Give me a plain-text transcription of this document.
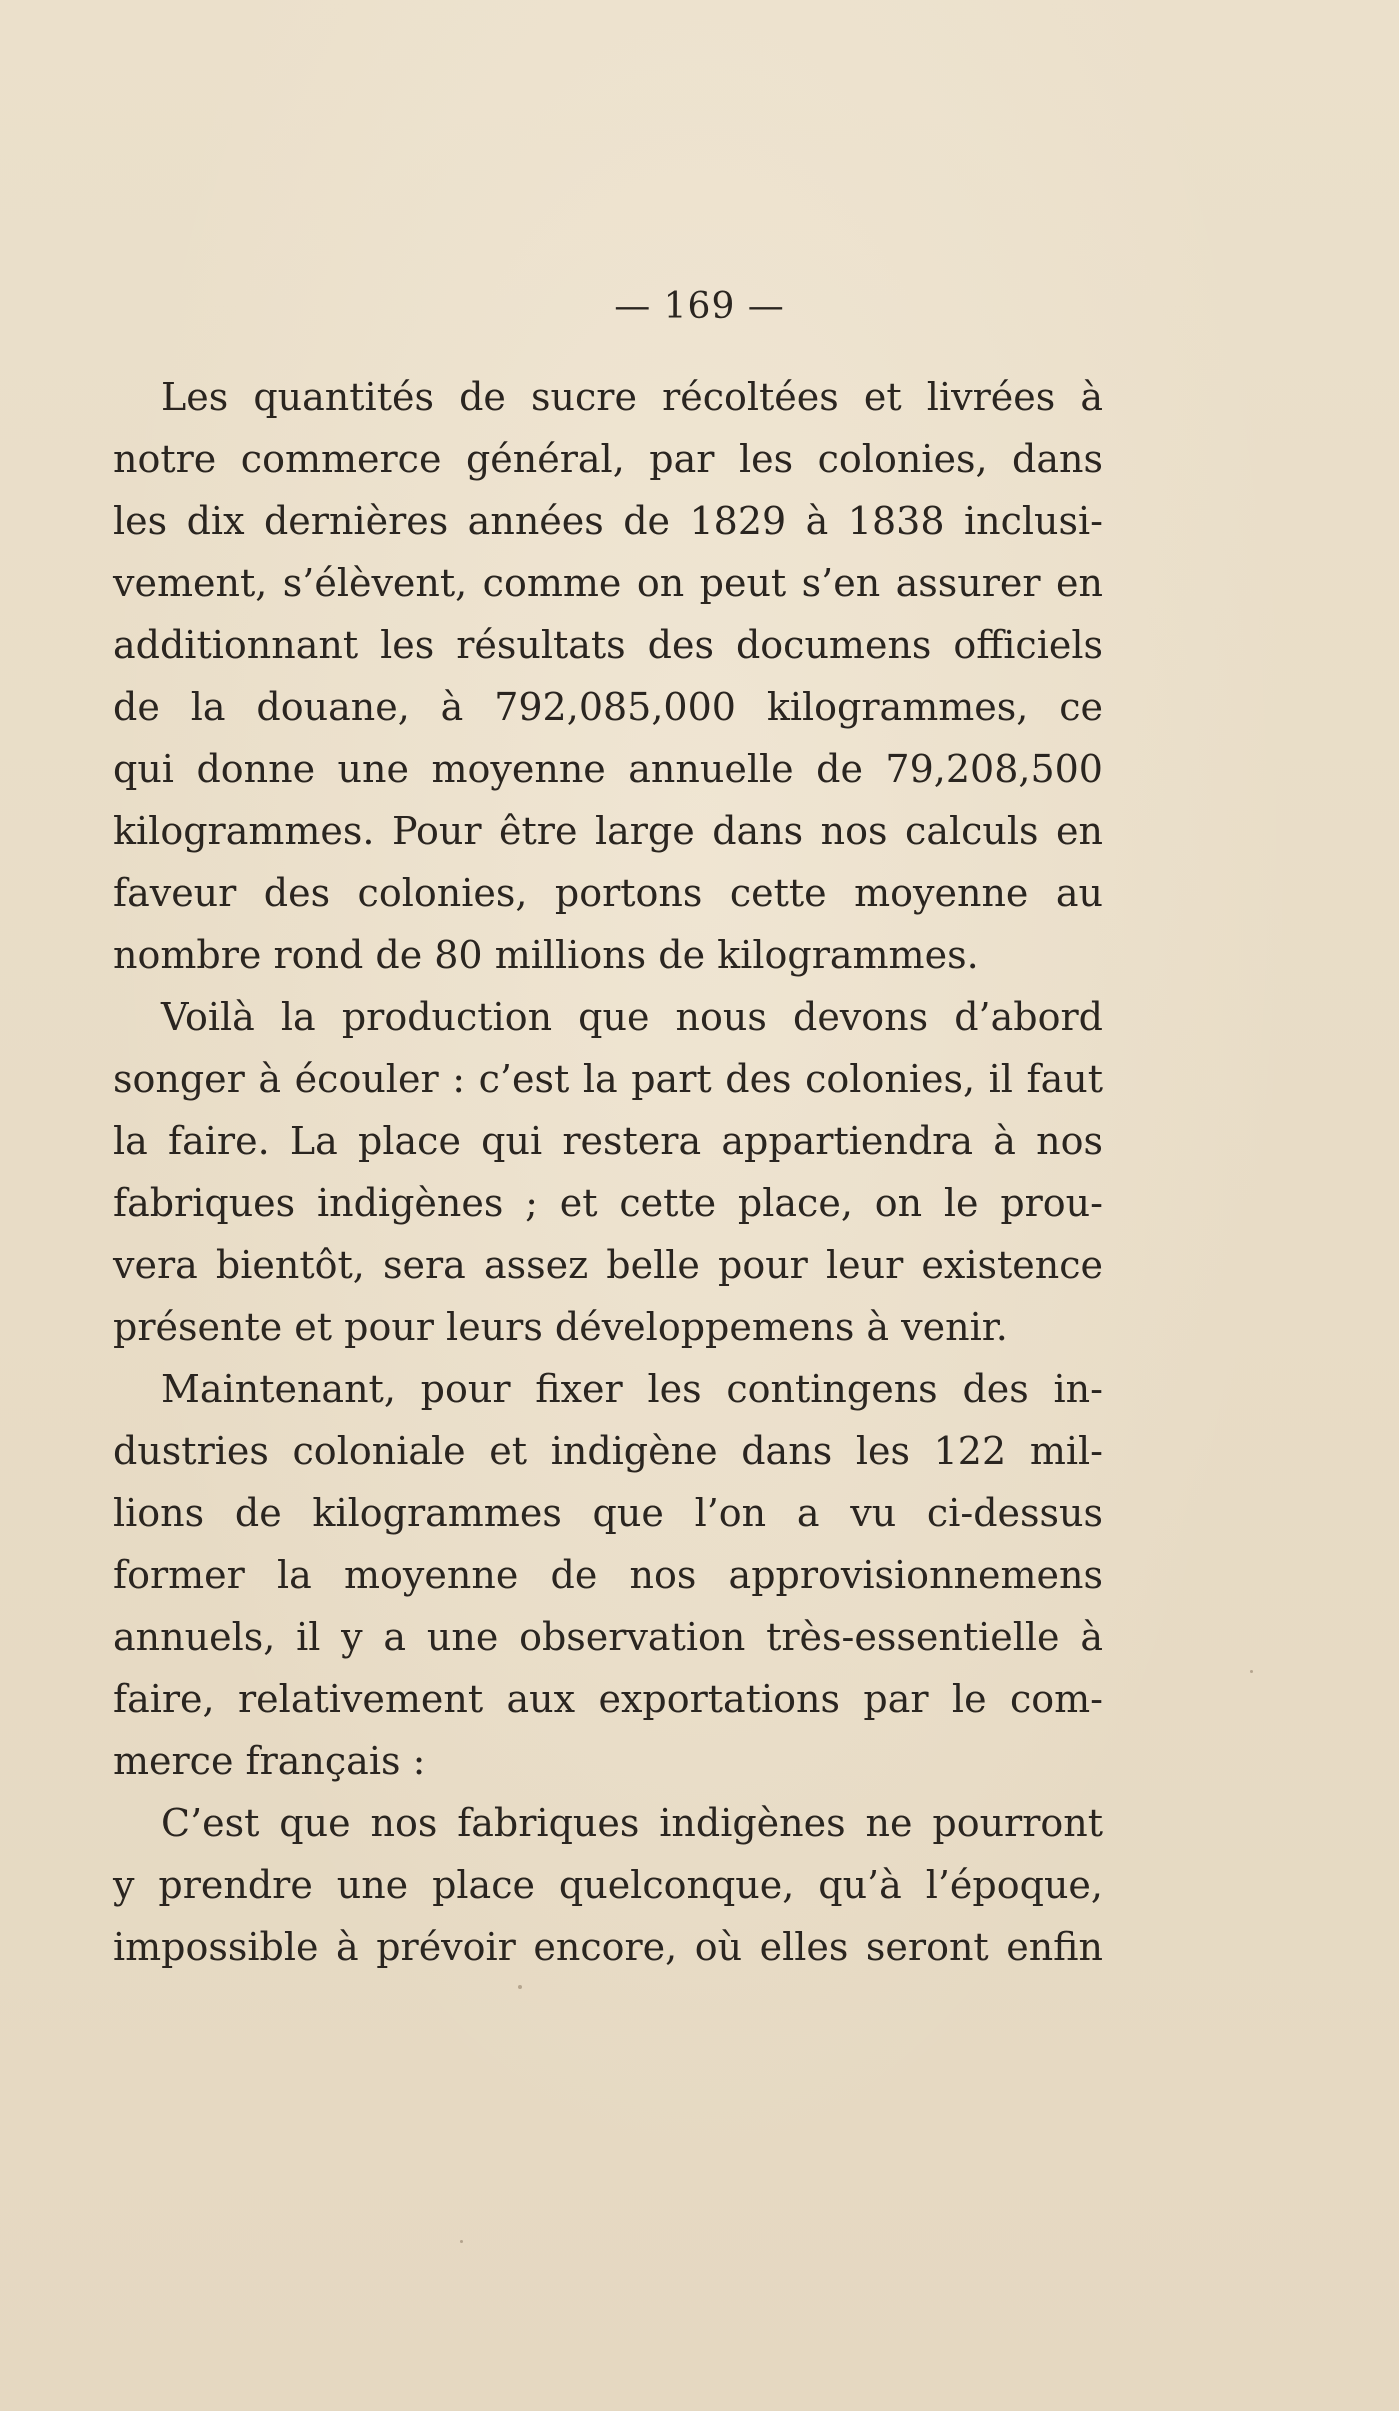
— 169 —
Les quantités de sucre récoltées et livrées à
notre commerce général, par les colonies, dans
les dix dernières années de 1829 à 1838 inclusi-
vement, s’élèvent, comme on peut s’en assurer en
additionnant les résultats des documens officiels
de la douane, à 792,085,000 kilogrammes, ce
qui donne une moyenne annuelle de 79,208,500
kilogrammes. Pour être large dans nos calculs en
faveur des colonies, portons cette moyenne au
nombre rond de 80 millions de kilogrammes.
Voilà la production que nous devons d’abord
songer à écouler : c’est la part des colonies, il faut
la faire. La place qui restera appartiendra à nos
fabriques indigènes ; et cette place, on le prou-
vera bientôt, sera assez belle pour leur existence
présente et pour leurs développemens à venir.
Maintenant, pour fixer les contingens des in-
dustries coloniale et indigène dans les 122 mil-
lions de kilogrammes que l’on a vu ci-dessus
former la moyenne de nos approvisionnemens
annuels, il y a une observation très-essentielle à
faire, relativement aux exportations par le com-
merce français :
C’est que nos fabriques indigènes ne pourront
y prendre une place quelconque, qu’à l’époque,
impossible à prévoir encore, où elles seront enfin
